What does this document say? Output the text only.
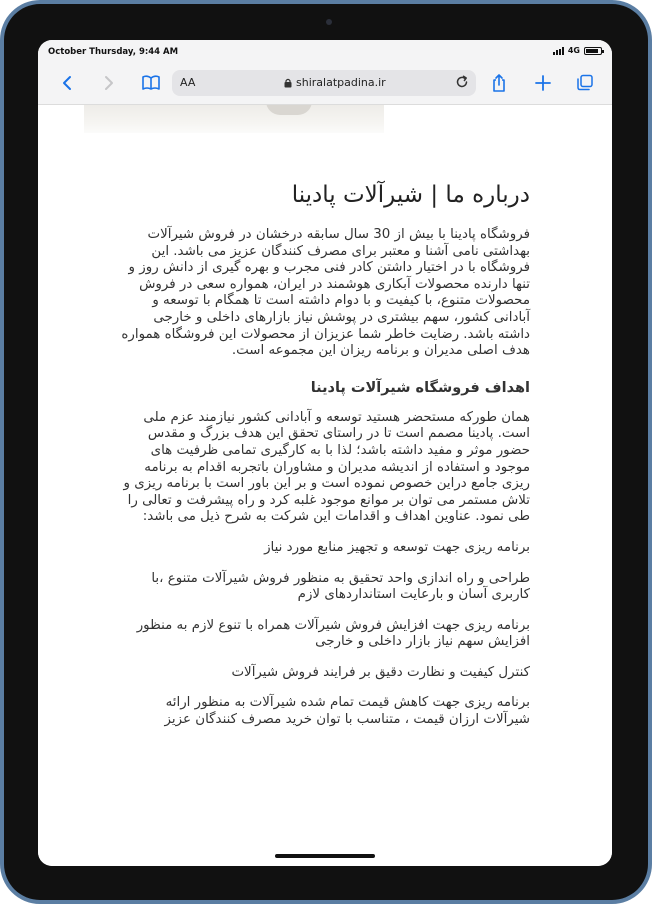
October Thursday, 9:44 AM	4G
AA	shiralatpadina.ir
درباره ما | شیرآلات پادینا

فروشگاه پادینا با بیش از 30 سال سابقه درخشان در فروش شیرآلات بهداشتی نامی آشنا و معتبر برای مصرف کنندگان عزیز می باشد. این فروشگاه با در اختیار داشتن کادر فنی مجرب و بهره گیری از دانش روز و تنها دارنده محصولات آبکاری هوشمند در ایران، همواره سعی در فروش محصولات متنوع، با کیفیت و با دوام داشته است تا همگام با توسعه و آبادانی کشور، سهم بیشتری در پوشش نیاز بازارهای داخلی و خارجی داشته باشد. رضایت خاطر شما عزیزان از محصولات این فروشگاه همواره هدف اصلی مدیران و برنامه ریزان این مجموعه است.

اهداف فروشگاه شیرآلات پادینا

همان طورکه مستحضر هستید توسعه و آبادانی کشور نیازمند عزم ملی است. پادینا مصمم است تا در راستای تحقق این هدف بزرگ و مقدس حضور موثر و مفید داشته باشد؛ لذا با به کارگیری تمامی ظرفیت های موجود و استفاده از اندیشه مدیران و مشاوران باتجربه اقدام به برنامه ریزی جامع دراین خصوص نموده است و بر این باور است با برنامه ریزی و تلاش مستمر می توان بر موانع موجود غلبه کرد و راه پیشرفت و تعالی را طی نمود. عناوین اهداف و اقدامات این شرکت به شرح ذیل می باشد:

برنامه ریزی جهت توسعه و تجهیز منابع مورد نیاز

طراحی و راه اندازی واحد تحقیق به منظور فروش شیرآلات متنوع ،با کاربری آسان و بارعایت استانداردهای لازم

برنامه ریزی جهت افزایش فروش شیرآلات همراه با تنوع لازم به منظور افزایش سهم نیاز بازار داخلی و خارجی

کنترل کیفیت و نظارت دقیق بر فرایند فروش شیرآلات

برنامه ریزی جهت کاهش قیمت تمام شده شیرآلات به منظور ارائه شیرآلات ارزان قیمت ، متناسب با توان خرید مصرف کنندگان عزیز
